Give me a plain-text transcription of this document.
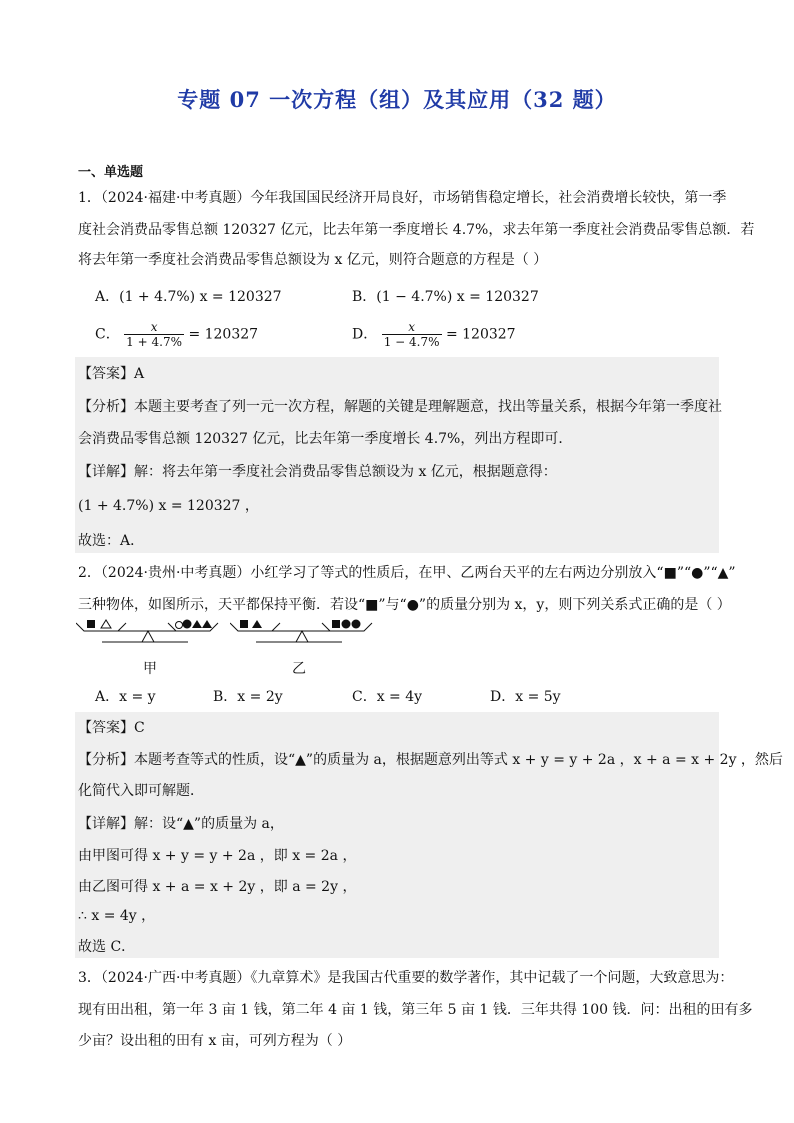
专题 07 一次方程（组）及其应用（32 题）
一、单选题
1．（2024·福建·中考真题）今年我国国民经济开局良好，市场销售稳定增长，社会消费增长较快，第一季
度社会消费品零售总额 120327 亿元，比去年第一季度增长 4.7%，求去年第一季度社会消费品零售总额．若
将去年第一季度社会消费品零售总额设为 x 亿元，则符合题意的方程是（ ）
A．(1 + 4.7%) x = 120327	B．(1 − 4.7%) x = 120327
C． $\frac{x}{1 + 4.7\%} = 120327$	D． $\frac{x}{1 - 4.7\%} = 120327$
【答案】A
【分析】本题主要考查了列一元一次方程，解题的关键是理解题意，找出等量关系，根据今年第一季度社
会消费品零售总额 120327 亿元，比去年第一季度增长 4.7%，列出方程即可．
【详解】解：将去年第一季度社会消费品零售总额设为 x 亿元，根据题意得：
(1 + 4.7%) x = 120327 ，
故选：A．
2．（2024·贵州·中考真题）小红学习了等式的性质后，在甲、乙两台天平的左右两边分别放入“■”“●”“▲”
三种物体，如图所示，天平都保持平衡．若设“■”与“●”的质量分别为 x，y，则下列关系式正确的是（ ）
甲	乙
A．x = y	B．x = 2y	C．x = 4y	D．x = 5y
【答案】C
【分析】本题考查等式的性质，设“▲”的质量为 a，根据题意列出等式 x + y = y + 2a ，x + a = x + 2y ，然后
化简代入即可解题．
【详解】解：设“▲”的质量为 a，
由甲图可得 x + y = y + 2a ，即 x = 2a ，
由乙图可得 x + a = x + 2y ，即 a = 2y ，
∴ x = 4y ，
故选 C．
3．（2024·广西·中考真题）《九章算术》是我国古代重要的数学著作，其中记载了一个问题，大致意思为：
现有田出租，第一年 3 亩 1 钱，第二年 4 亩 1 钱，第三年 5 亩 1 钱．三年共得 100 钱．问：出租的田有多
少亩？设出租的田有 x 亩，可列方程为（ ）
